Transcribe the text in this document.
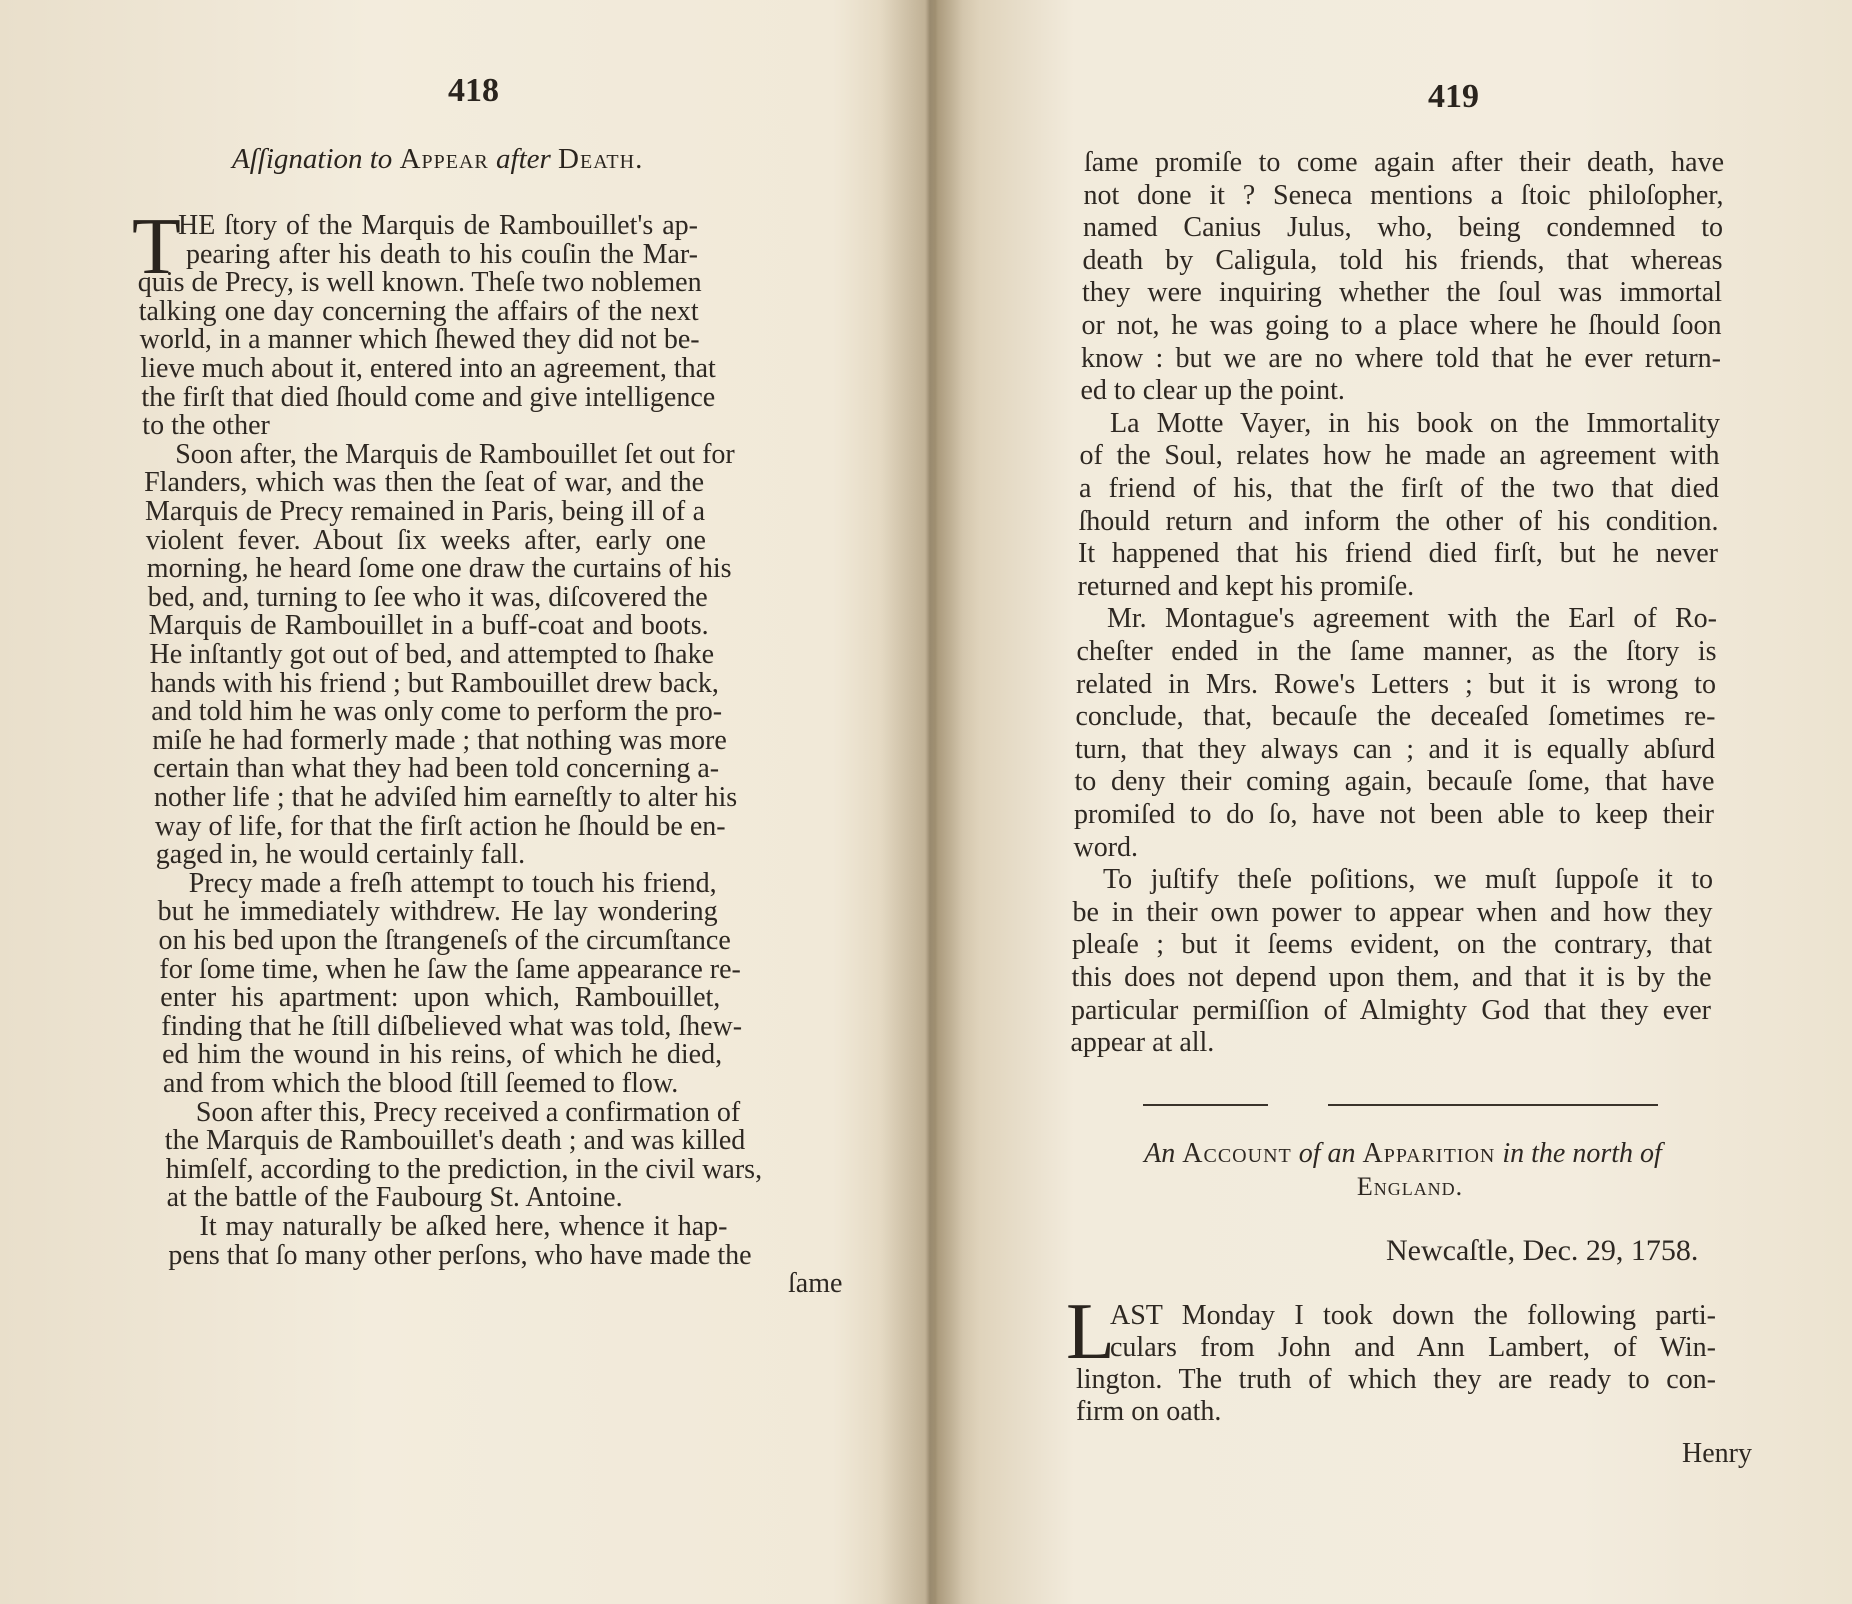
418
Aſſignation to Appear after Death.
T
HE ſtory of the Marquis de Rambouillet's ap-
pearing after his death to his couſin the Mar-
quis de Precy, is well known. Theſe two noblemen
talking one day concerning the affairs of the next
world, in a manner which ſhewed they did not be-
lieve much about it, entered into an agreement, that
the firſt that died ſhould come and give intelligence
to the other
Soon after, the Marquis de Rambouillet ſet out for
Flanders, which was then the ſeat of war, and the
Marquis de Precy remained in Paris, being ill of a
violent fever. About ſix weeks after, early one
morning, he heard ſome one draw the curtains of his
bed, and, turning to ſee who it was, diſcovered the
Marquis de Rambouillet in a buff-coat and boots.
He inſtantly got out of bed, and attempted to ſhake
hands with his friend ; but Rambouillet drew back,
and told him he was only come to perform the pro-
miſe he had formerly made ; that nothing was more
certain than what they had been told concerning a-
nother life ; that he adviſed him earneſtly to alter his
way of life, for that the firſt action he ſhould be en-
gaged in, he would certainly fall.
Precy made a freſh attempt to touch his friend,
but he immediately withdrew. He lay wondering
on his bed upon the ſtrangeneſs of the circumſtance
for ſome time, when he ſaw the ſame appearance re-
enter his apartment: upon which, Rambouillet,
finding that he ſtill diſbelieved what was told, ſhew-
ed him the wound in his reins, of which he died,
and from which the blood ſtill ſeemed to flow.
Soon after this, Precy received a confirmation of
the Marquis de Rambouillet's death ; and was killed
himſelf, according to the prediction, in the civil wars,
at the battle of the Faubourg St. Antoine.
It may naturally be aſked here, whence it hap-
pens that ſo many other perſons, who have made the
ſame
419
ſame promiſe to come again after their death, have
not done it ? Seneca mentions a ſtoic philoſopher,
named Canius Julus, who, being condemned to
death by Caligula, told his friends, that whereas
they were inquiring whether the ſoul was immortal
or not, he was going to a place where he ſhould ſoon
know : but we are no where told that he ever return-
ed to clear up the point.
La Motte Vayer, in his book on the Immortality
of the Soul, relates how he made an agreement with
a friend of his, that the firſt of the two that died
ſhould return and inform the other of his condition.
It happened that his friend died firſt, but he never
returned and kept his promiſe.
Mr. Montague's agreement with the Earl of Ro-
cheſter ended in the ſame manner, as the ſtory is
related in Mrs. Rowe's Letters ; but it is wrong to
conclude, that, becauſe the deceaſed ſometimes re-
turn, that they always can ; and it is equally abſurd
to deny their coming again, becauſe ſome, that have
promiſed to do ſo, have not been able to keep their
word.
To juſtify theſe poſitions, we muſt ſuppoſe it to
be in their own power to appear when and how they
pleaſe ; but it ſeems evident, on the contrary, that
this does not depend upon them, and that it is by the
particular permiſſion of Almighty God that they ever
appear at all.
An Account of an Apparition in the north of
England.
Newcaſtle, Dec. 29, 1758.
L
AST Monday I took down the following parti-
culars from John and Ann Lambert, of Win-
lington. The truth of which they are ready to con-
firm on oath.
Henry
